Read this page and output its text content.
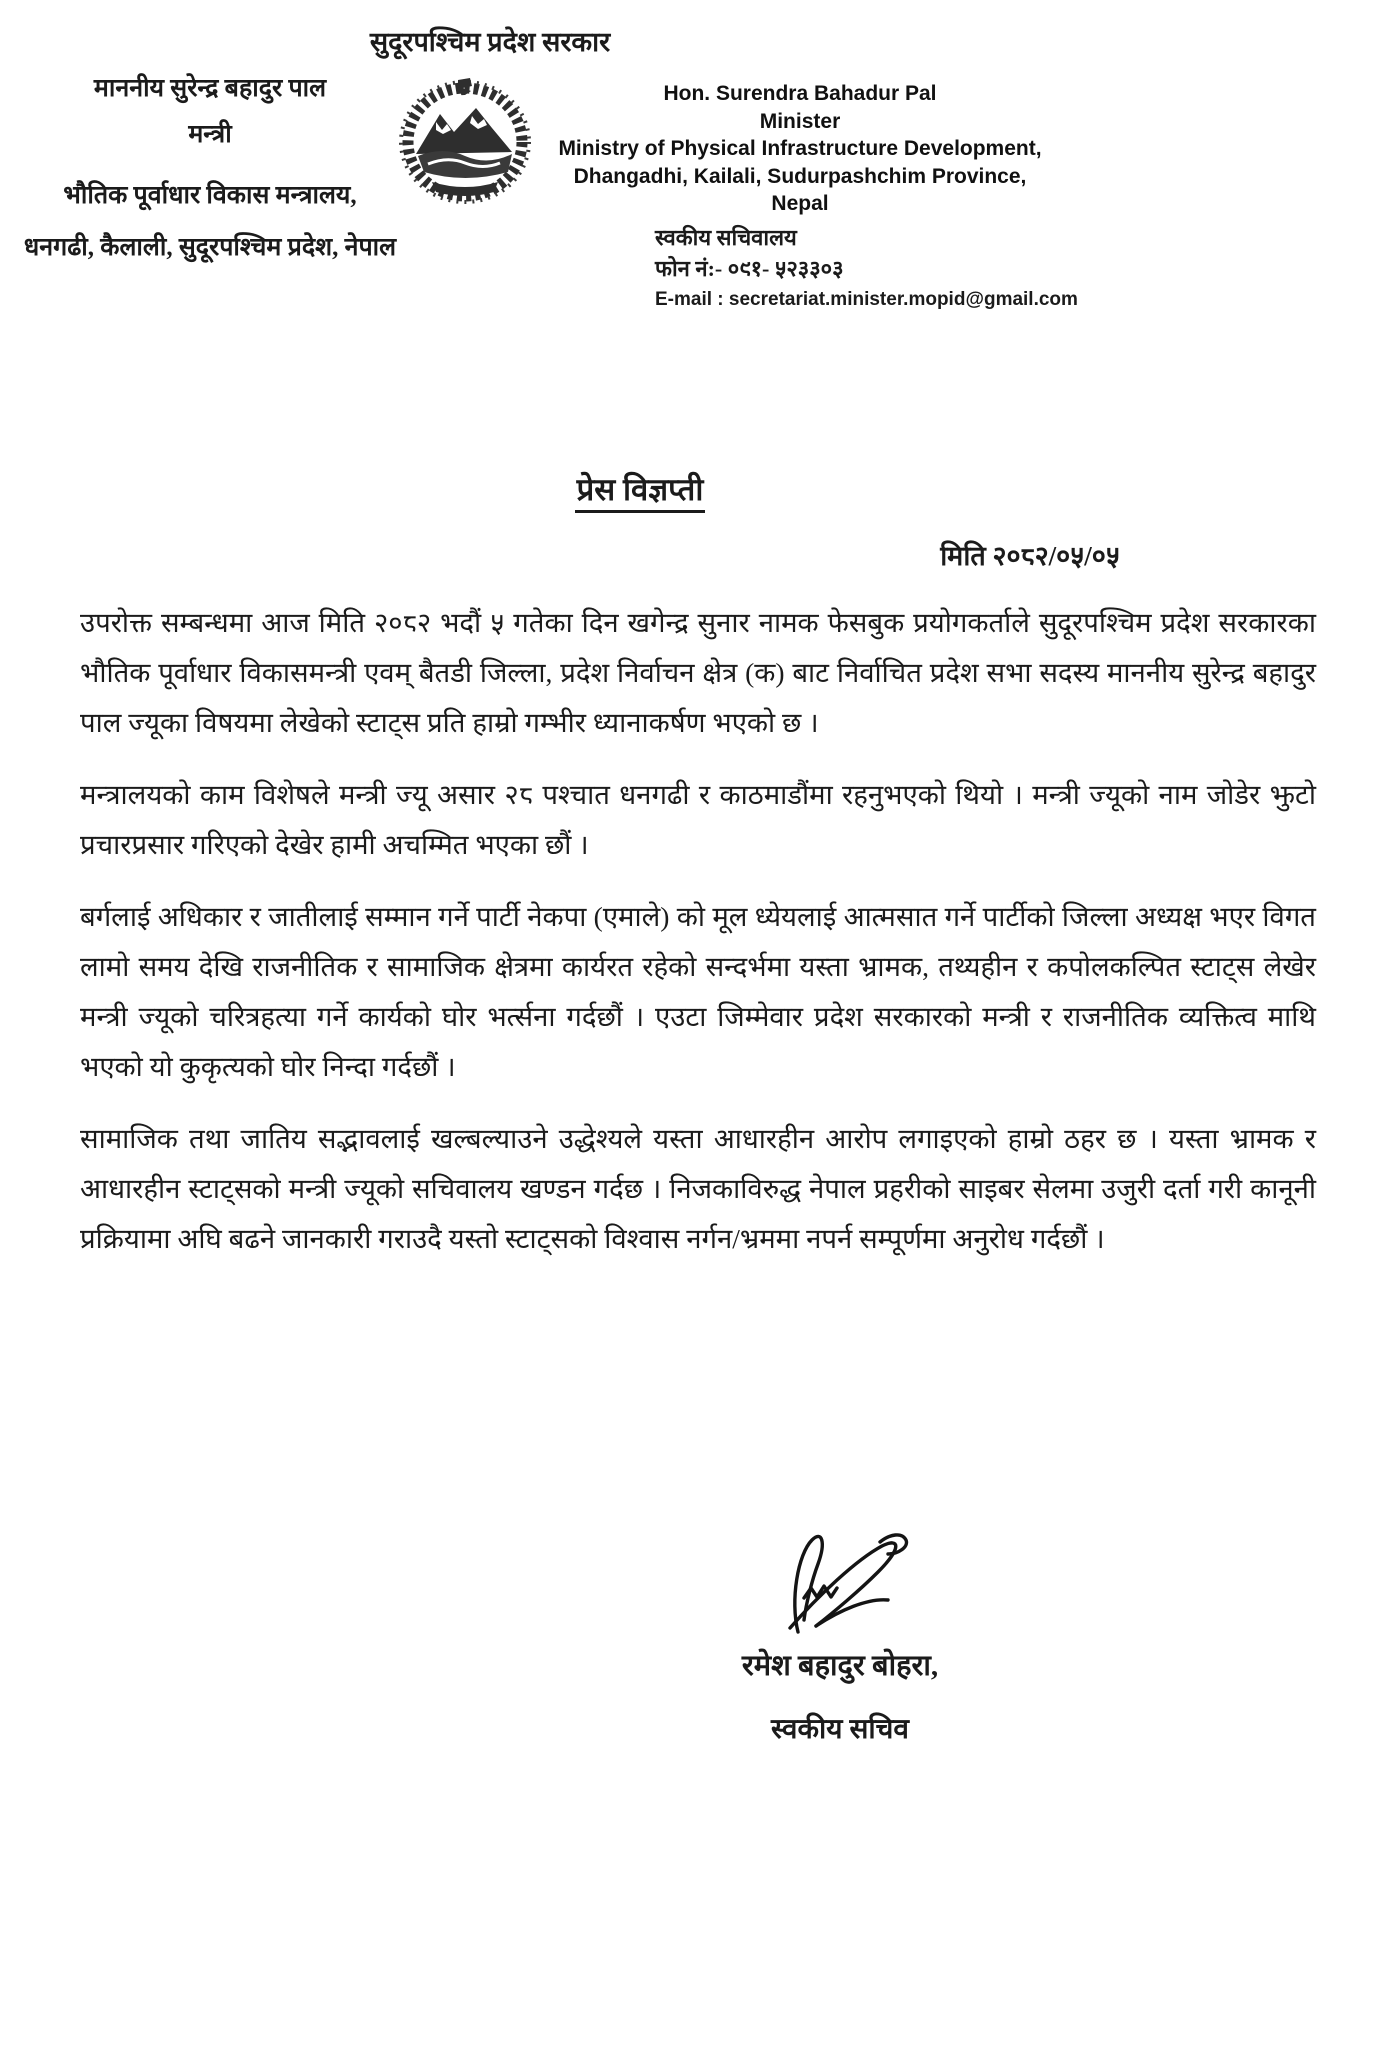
सुदूरपश्चिम प्रदेश सरकार
माननीय सुरेन्द्र बहादुर पाल
मन्त्री
भौतिक पूर्वाधार विकास मन्त्रालय,
धनगढी, कैलाली, सुदूरपश्चिम प्रदेश, नेपाल
Hon. Surendra Bahadur Pal
Minister
Ministry of Physical Infrastructure Development,
Dhangadhi, Kailali, Sudurpashchim Province, Nepal
स्वकीय सचिवालय
फोन नं:- ०९१- ५२३३०३
E-mail : secretariat.minister.mopid@gmail.com
प्रेस विज्ञप्ती
मिति २०८२/०५/०५

उपरोक्त सम्बन्धमा आज मिति २०८२ भदौं ५ गतेका दिन खगेन्द्र सुनार नामक फेसबुक प्रयोगकर्ताले सुदूरपश्चिम प्रदेश सरकारका भौतिक पूर्वाधार विकासमन्त्री एवम् बैतडी जिल्ला, प्रदेश निर्वाचन क्षेत्र (क) बाट निर्वाचित प्रदेश सभा सदस्य माननीय सुरेन्द्र बहादुर पाल ज्यूका विषयमा लेखेको स्टाट्स प्रति हाम्रो गम्भीर ध्यानाकर्षण भएको छ ।

मन्त्रालयको काम विशेषले मन्त्री ज्यू असार २८ पश्चात धनगढी र काठमाडौंमा रहनुभएको थियो । मन्त्री ज्यूको नाम जोडेर झुटो प्रचारप्रसार गरिएको देखेर हामी अचम्मित भएका छौं ।

बर्गलाई अधिकार र जातीलाई सम्मान गर्ने पार्टी नेकपा (एमाले) को मूल ध्येयलाई आत्मसात गर्ने पार्टीको जिल्ला अध्यक्ष भएर विगत लामो समय देखि राजनीतिक र सामाजिक क्षेत्रमा कार्यरत रहेको सन्दर्भमा यस्ता भ्रामक, तथ्यहीन र कपोलकल्पित स्टाट्स लेखेर मन्त्री ज्यूको चरित्रहत्या गर्ने कार्यको घोर भर्त्सना गर्दछौं । एउटा जिम्मेवार प्रदेश सरकारको मन्त्री र राजनीतिक व्यक्तित्व माथि भएको यो कुकृत्यको घोर निन्दा गर्दछौं ।

सामाजिक तथा जातिय सद्भावलाई खल्बल्याउने उद्धेश्यले यस्ता आधारहीन आरोप लगाइएको हाम्रो ठहर छ । यस्ता भ्रामक र आधारहीन स्टाट्सको मन्त्री ज्यूको सचिवालय खण्डन गर्दछ । निजकाविरुद्ध नेपाल प्रहरीको साइबर सेलमा उजुरी दर्ता गरी कानूनी प्रक्रियामा अघि बढने जानकारी गराउदै यस्तो स्टाट्सको विश्वास नर्गन/भ्रममा नपर्न सम्पूर्णमा अनुरोध गर्दछौं ।

रमेश बहादुर बोहरा,
स्वकीय सचिव
